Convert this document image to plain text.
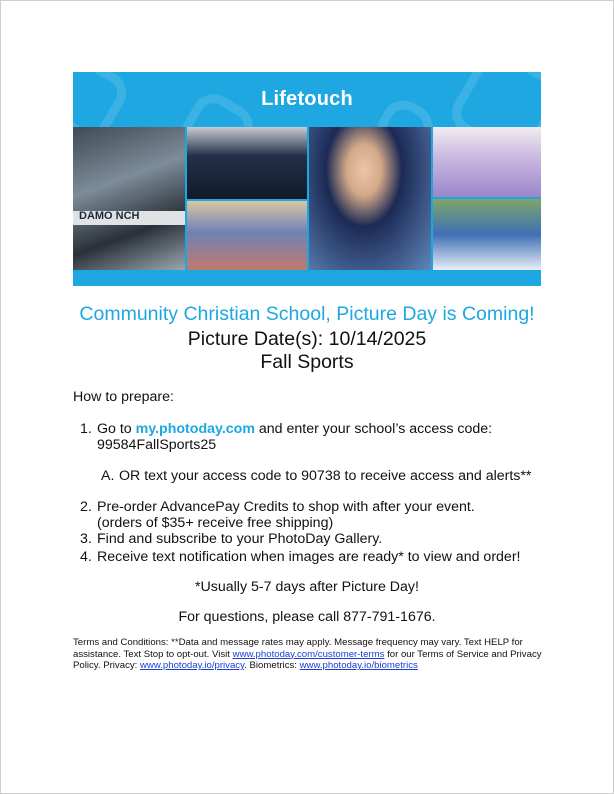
Lifetouch
DAMO NCH
Community Christian School, Picture Day is Coming!
Picture Date(s): 10/14/2025
Fall Sports
How to prepare:
1. Go to my.photoday.com and enter your school’s access code:
99584FallSports25
A. OR text your access code to 90738 to receive access and alerts**
2. Pre-order AdvancePay Credits to shop with after your event.
(orders of $35+ receive free shipping)
3. Find and subscribe to your PhotoDay Gallery.
4. Receive text notification when images are ready* to view and order!
*Usually 5-7 days after Picture Day!
For questions, please call 877-791-1676.
Terms and Conditions: **Data and message rates may apply. Message frequency may vary. Text HELP for assistance. Text Stop to opt-out. Visit www.photoday.com/customer-terms for our Terms of Service and Privacy Policy. Privacy: www.photoday.io/privacy. Biometrics: www.photoday.io/biometrics
